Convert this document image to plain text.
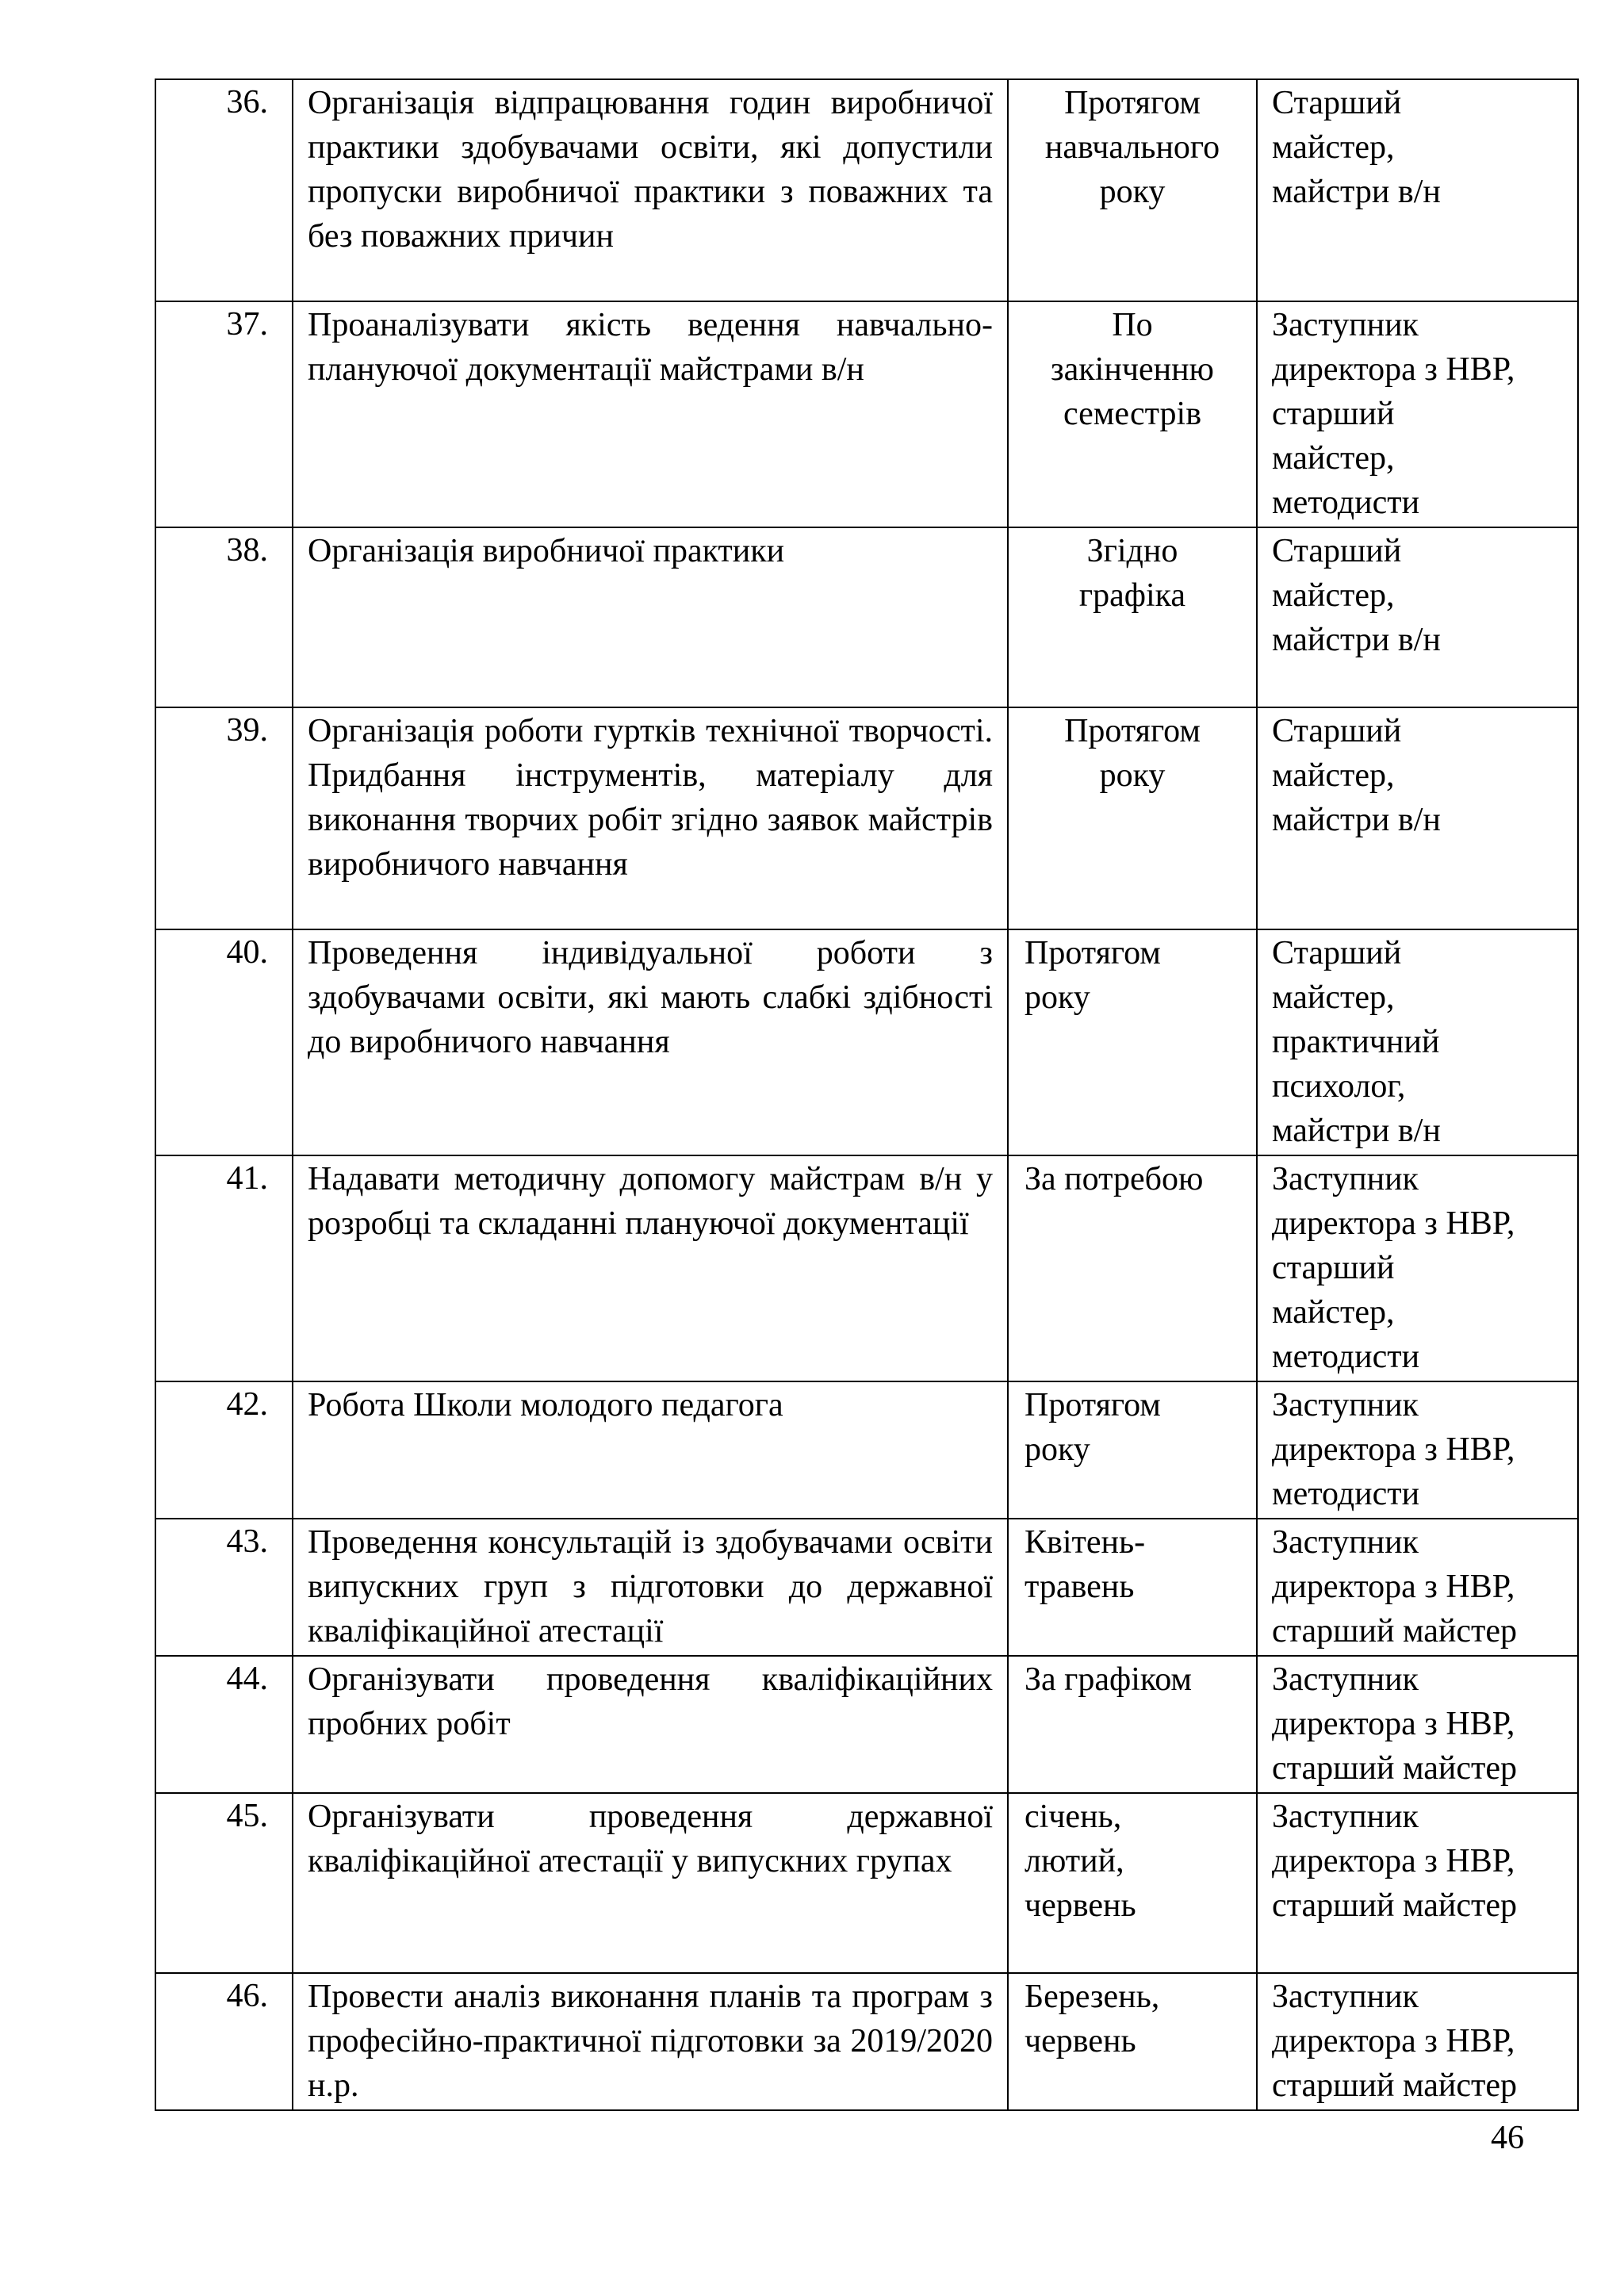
36.	Організація відпрацювання годин виробничої практики здобувачами освіти, які допустили пропуски виробничої практики з поважних та без поважних причин	Протягом
навчального
року	Старший
майстер,
майстри в/н

37.	Проаналізувати якість ведення навчально-плануючої документації майстрами в/н	По
закінченню
семестрів	Заступник
директора з НВР,
старший
майстер,
методисти

38.	Організація виробничої практики	Згідно
графіка	Старший
майстер,
майстри в/н

39.	Організація роботи гуртків технічної творчості. Придбання інструментів, матеріалу для виконання творчих робіт згідно заявок майстрів виробничого навчання	Протягом
року	Старший
майстер,
майстри в/н

40.	Проведення індивідуальної роботи з здобувачами освіти, які мають слабкі здібності до виробничого навчання	Протягом
року	Старший
майстер,
практичний
психолог,
майстри в/н

41.	Надавати методичну допомогу майстрам в/н у розробці та складанні плануючої документації	За потребою	Заступник
директора з НВР,
старший
майстер,
методисти

42.	Робота Школи молодого педагога	Протягом
року	Заступник
директора з НВР,
методисти

43.	Проведення консультацій із здобувачами освіти випускних груп з підготовки до державної кваліфікаційної атестації	Квітень-
травень	Заступник
директора з НВР,
старший майстер

44.	Організувати проведення кваліфікаційних пробних робіт	За графіком	Заступник
директора з НВР,
старший майстер

45.	Організувати проведення державної кваліфікаційної атестації у випускних групах	січень,
лютий,
червень	Заступник
директора з НВР,
старший майстер

46.	Провести аналіз виконання планів та програм з професійно-практичної підготовки за 2019/2020 н.р.	Березень,
червень	Заступник
директора з НВР,
старший майстер
46
